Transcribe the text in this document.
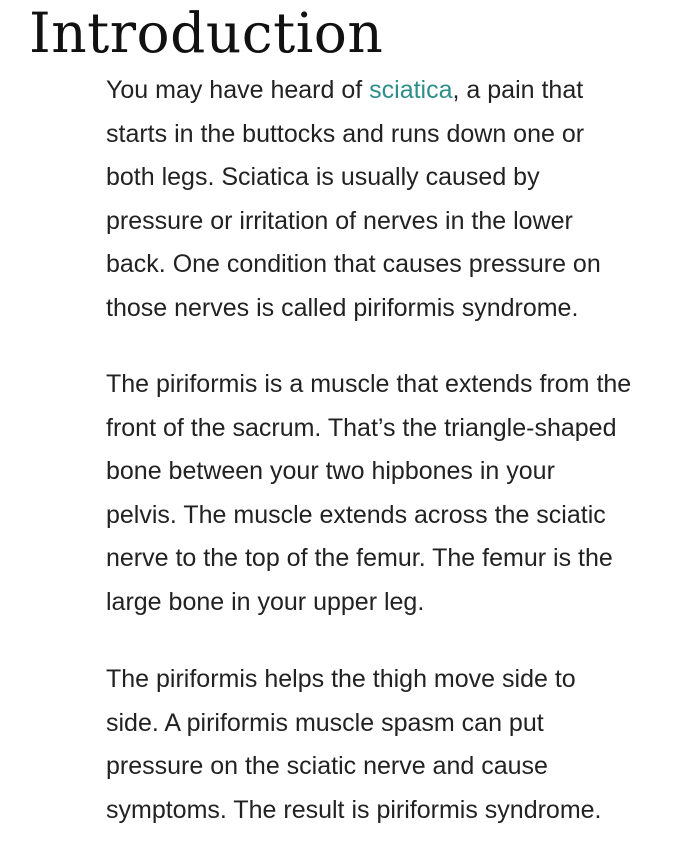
Introduction

You may have heard of sciatica, a pain that
starts in the buttocks and runs down one or
both legs. Sciatica is usually caused by
pressure or irritation of nerves in the lower
back. One condition that causes pressure on
those nerves is called piriformis syndrome.

The piriformis is a muscle that extends from the
front of the sacrum. That’s the triangle-shaped
bone between your two hipbones in your
pelvis. The muscle extends across the sciatic
nerve to the top of the femur. The femur is the
large bone in your upper leg.

The piriformis helps the thigh move side to
side. A piriformis muscle spasm can put
pressure on the sciatic nerve and cause
symptoms. The result is piriformis syndrome.
